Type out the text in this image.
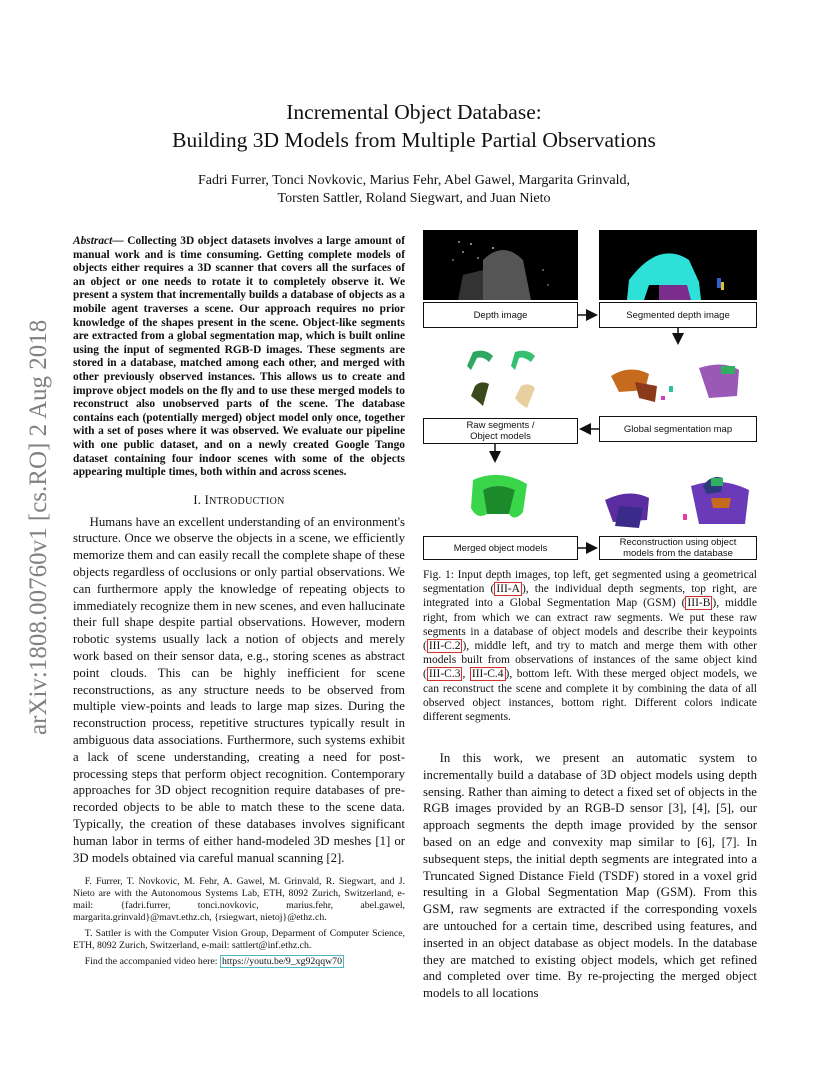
arXiv:1808.00760v1 [cs.RO] 2 Aug 2018
Incremental Object Database:
Building 3D Models from Multiple Partial Observations
Fadri Furrer, Tonci Novkovic, Marius Fehr, Abel Gawel, Margarita Grinvald,
Torsten Sattler, Roland Siegwart, and Juan Nieto

Abstract— Collecting 3D object datasets involves a large amount of manual work and is time consuming. Getting complete models of objects either requires a 3D scanner that covers all the surfaces of an object or one needs to rotate it to completely observe it. We present a system that incrementally builds a database of objects as a mobile agent traverses a scene. Our approach requires no prior knowledge of the shapes present in the scene. Object-like segments are extracted from a global segmentation map, which is built online using the input of segmented RGB-D images. These segments are stored in a database, matched among each other, and merged with other previously observed instances. This allows us to create and improve object models on the fly and to use these merged models to reconstruct also unobserved parts of the scene. The database contains each (potentially merged) object model only once, together with a set of poses where it was observed. We evaluate our pipeline with one public dataset, and on a newly created Google Tango dataset containing four indoor scenes with some of the objects appearing multiple times, both within and across scenes.

I. INTRODUCTION

Humans have an excellent understanding of an environment's structure. Once we observe the objects in a scene, we efficiently memorize them and can easily recall the complete shape of these objects regardless of occlusions or only partial observations. We can furthermore apply the knowledge of repeating objects to immediately recognize them in new scenes, and even hallucinate their full shape despite partial observations. However, modern robotic systems usually lack a notion of objects and merely work based on their sensor data, e.g., storing scenes as abstract point clouds. This can be highly inefficient for scene reconstructions, as any structure needs to be observed from multiple view-points and leads to large map sizes. During the reconstruction process, repetitive structures typically result in ambiguous data associations. Furthermore, such systems exhibit a lack of scene understanding, creating a need for post-processing steps that perform object recognition. Contemporary approaches for 3D object recognition require databases of pre-recorded objects to be able to match these to the scene data. Typically, the creation of these databases involves significant human labor in terms of either hand-modeled 3D meshes [1] or 3D models obtained via careful manual scanning [2].

F. Furrer, T. Novkovic, M. Fehr, A. Gawel, M. Grinvald, R. Siegwart, and J. Nieto are with the Autonomous Systems Lab, ETH, 8092 Zurich, Switzerland, e-mail: {fadri.furrer, tonci.novkovic, marius.fehr, abel.gawel, margarita.grinvald}@mavt.ethz.ch, {rsiegwart, nietoj}@ethz.ch.

T. Sattler is with the Computer Vision Group, Deparment of Computer Science, ETH, 8092 Zurich, Switzerland, e-mail: sattlert@inf.ethz.ch.

Find the accompanied video here: https://youtu.be/9_xg92qqw70

Depth image	Segmented depth image
Raw segments /
Object models
Global segmentation map
Merged object models	Reconstruction using object
models from the database

Fig. 1: Input depth images, top left, get segmented using a geometrical segmentation ( III-A ), the individual depth segments, top right, are integrated into a Global Segmentation Map (GSM) ( III-B ), middle right, from which we can extract raw segments. We put these raw segments in a database of object models and describe their keypoints ( III-C.2 ), middle left, and try to match and merge them with other models built from observations of instances of the same object kind ( III-C.3 , III-C.4 ), bottom left. With these merged object models, we can reconstruct the scene and complete it by combining the data of all observed object instances, bottom right. Different colors indicate different segments.

In this work, we present an automatic system to incrementally build a database of 3D object models using depth sensing. Rather than aiming to detect a fixed set of objects in the RGB images provided by an RGB-D sensor [3], [4], [5], our approach segments the depth image provided by the sensor based on an edge and convexity map similar to [6], [7]. In subsequent steps, the initial depth segments are integrated into a Truncated Signed Distance Field (TSDF) stored in a voxel grid resulting in a Global Segmentation Map (GSM). From this GSM, raw segments are extracted if the corresponding voxels are untouched for a certain time, described using features, and inserted in an object database as object models. In the database they are matched to existing object models, which get refined and completed over time. By re-projecting the merged object models to all locations
